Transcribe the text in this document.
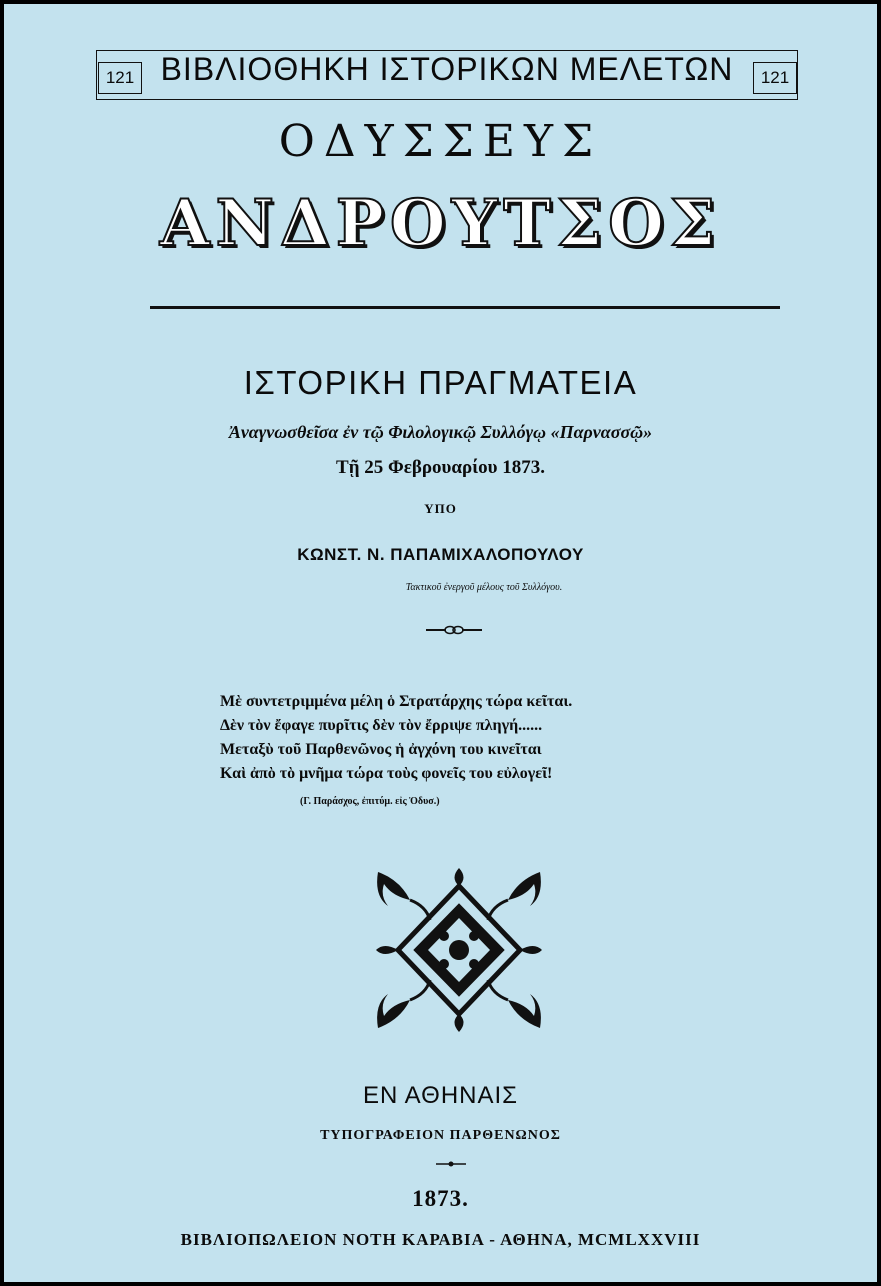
ΒΙΒΛΙΟΘΗΚΗ ΙΣΤΟΡΙΚΩΝ ΜΕΛΕΤΩΝ
121	121
ΟΔΥΣΣΕΥΣ
ΑΝΔΡΟΥΤΣΟΣ
ΙΣΤΟΡΙΚΗ ΠΡΑΓΜΑΤΕΙΑ
Ἀναγνωσθεῖσα ἐν τῷ Φιλολογικῷ Συλλόγῳ «Παρνασσῷ»
Τῇ 25 Φεβρουαρίου 1873.
ΥΠΟ
ΚΩΝΣΤ. Ν. ΠΑΠΑΜΙΧΑΛΟΠΟΥΛΟΥ
Τακτικοῦ ἐνεργοῦ μέλους τοῦ Συλλόγου.
Μὲ συντετριμμένα μέλη ὁ Στρατάρχης τώρα κεῖται.
Δὲν τὸν ἔφαγε πυρῖτις δὲν τὸν ἔρριψε πληγή......
Μεταξὺ τοῦ Παρθενῶνος ἡ ἀγχόνη του κινεῖται
Καὶ ἀπὸ τὸ μνῆμα τώρα τοὺς φονεῖς του εὐλογεῖ!
(Γ. Παράσχος, ἐπιτύμ. εἰς Ὀδυσ.)
ΕΝ ΑΘΗΝΑΙΣ
ΤΥΠΟΓΡΑΦΕΙΟΝ ΠΑΡΘΕΝΩΝΟΣ
1873.
ΒΙΒΛΙΟΠΩΛΕΙΟΝ ΝΟΤΗ ΚΑΡΑΒΙΑ - ΑΘΗΝΑ, MCMLXXVIII
